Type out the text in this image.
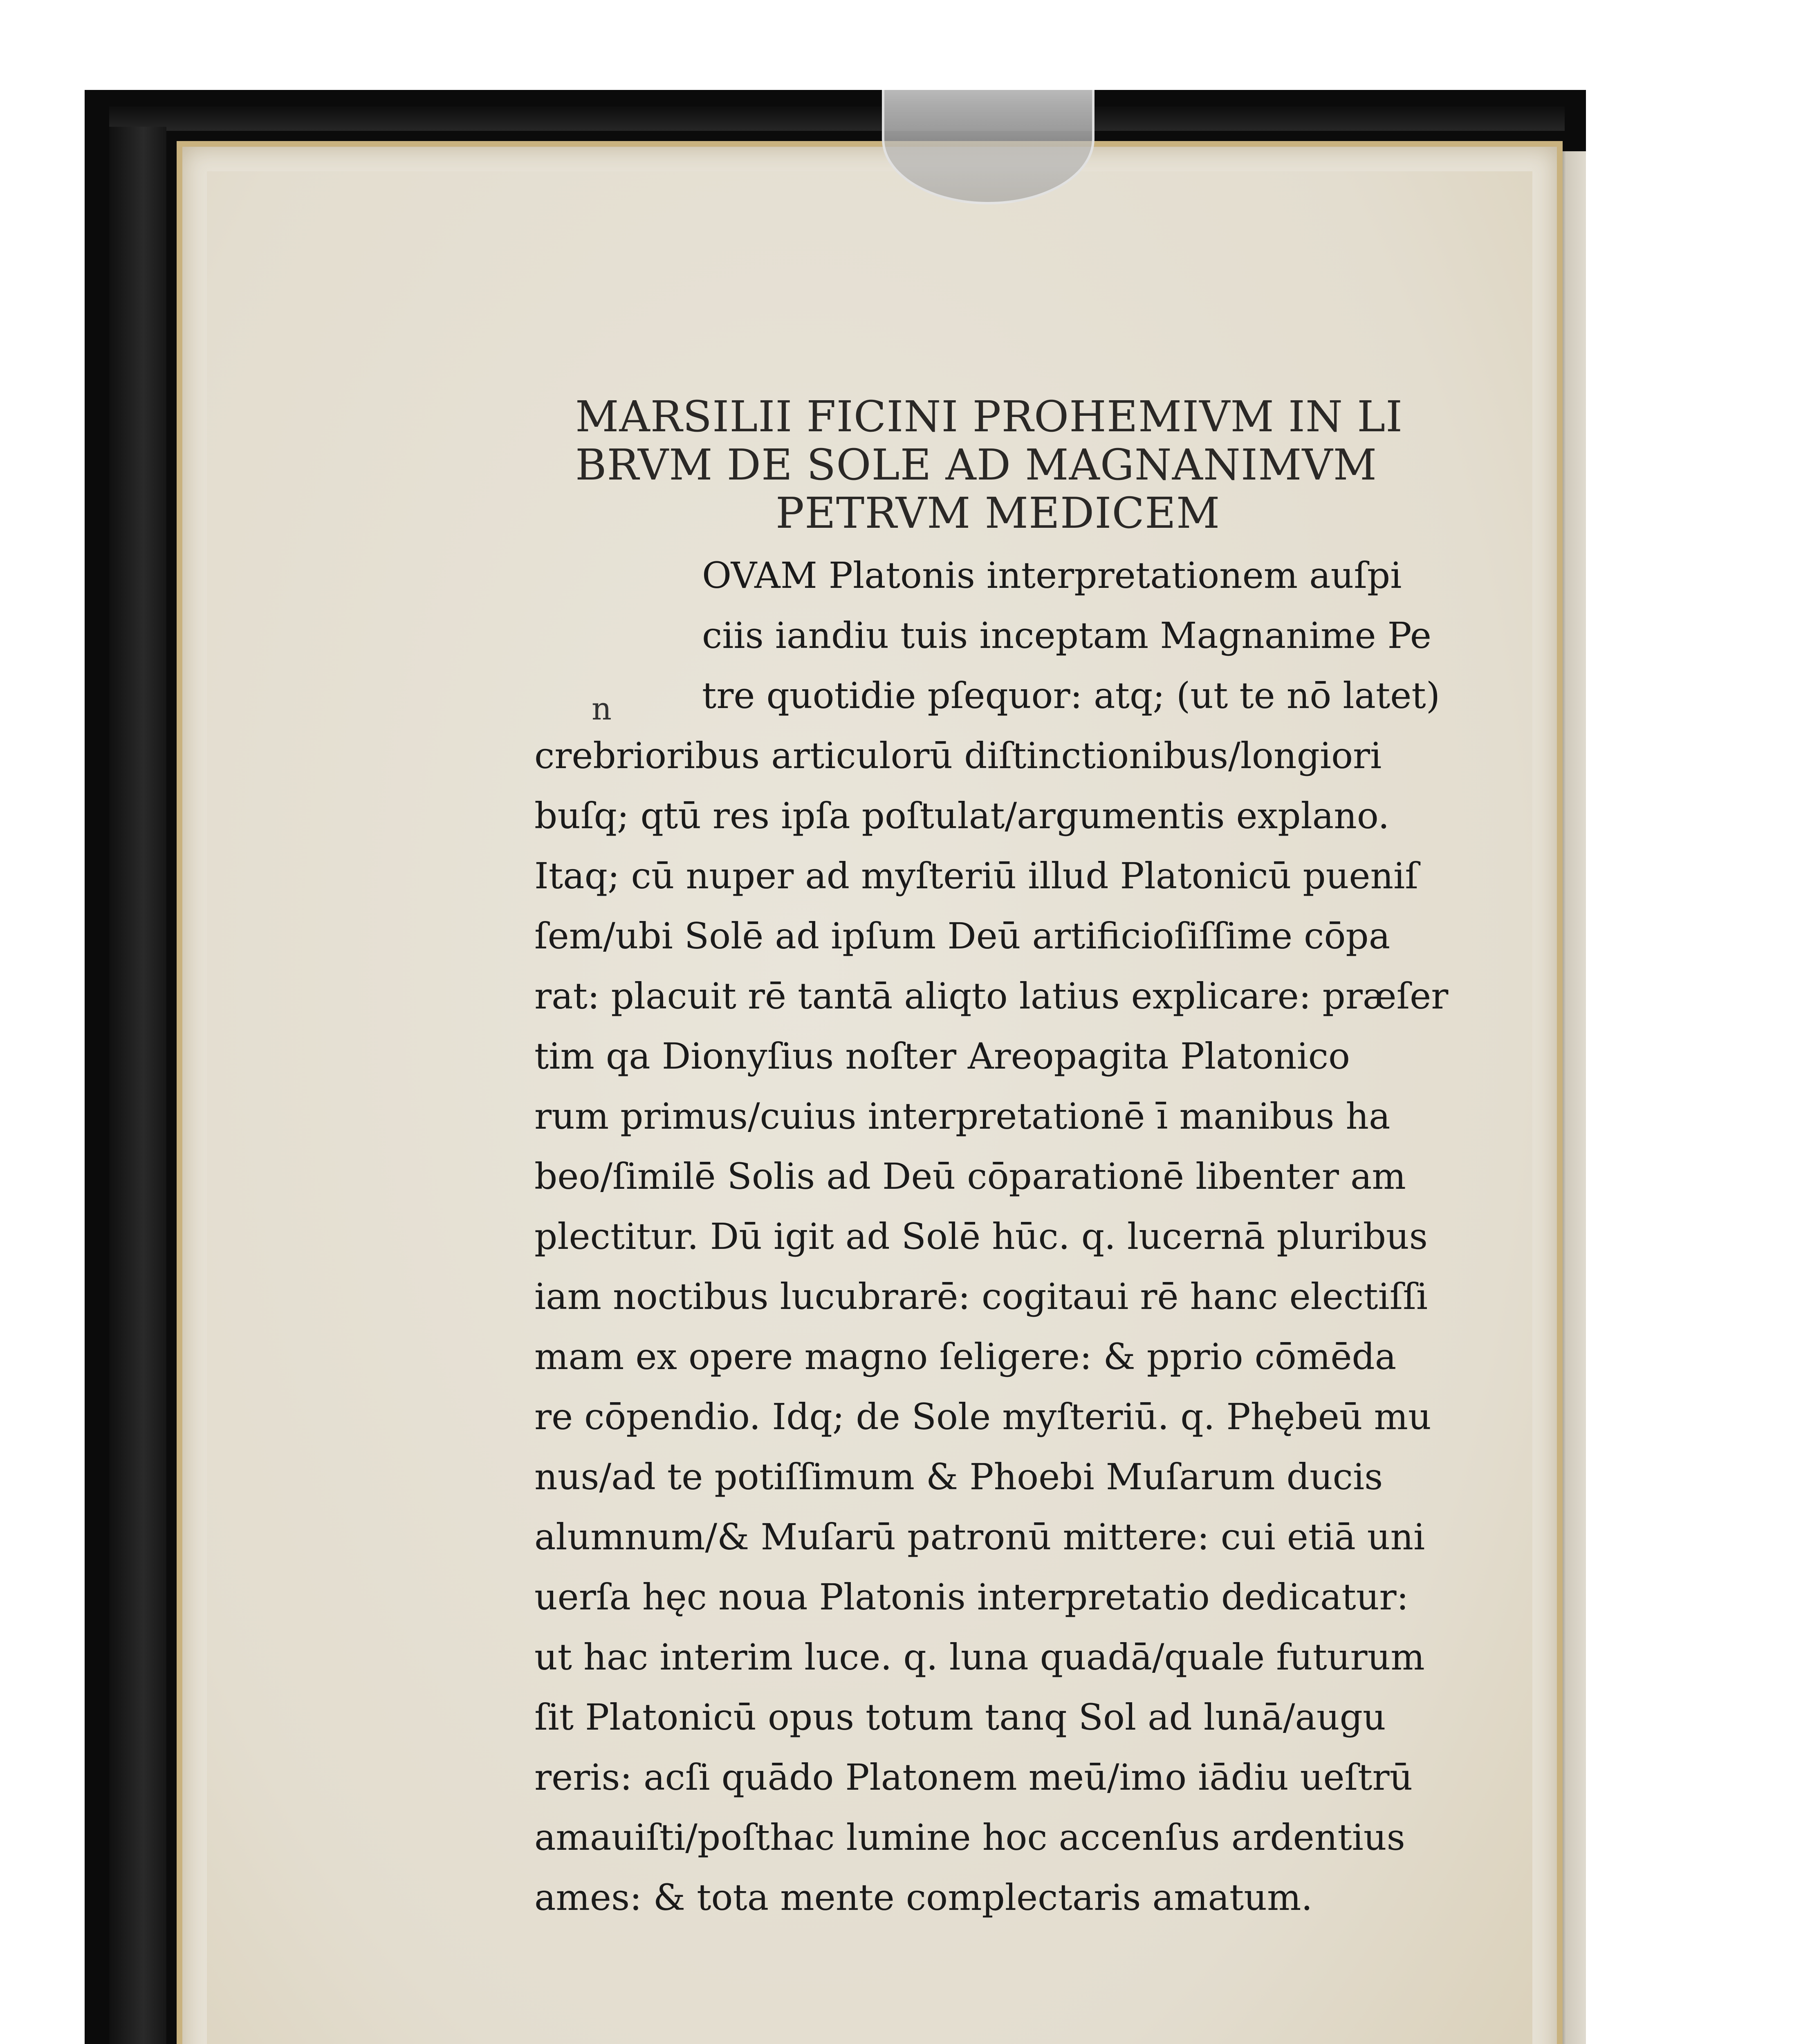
MARSILII FICINI PROHEMIVM IN LI
BRVM DE SOLE AD MAGNANIMVM
PETRVM MEDICEM
n
OVAM Platonis interpretationem auſpi
ciis iandiu tuis inceptam Magnanime Pe
tre quotidie pſequor: atq; (ut te nō latet)
crebrioribus articulorū diſtinctionibus/longiori
buſq; qtū res ipſa poſtulat/argumentis explano.
Itaq; cū nuper ad myſteriū illud Platonicū pueniſ
ſem/ubi Solē ad ipſum Deū artificioſiſſime cōpa
rat: placuit rē tantā aliqto latius explicare: præſer
tim qa Dionyſius noſter Areopagita Platonico
rum primus/cuius interpretationē ī manibus ha
beo/ſimilē Solis ad Deū cōparationē libenter am
plectitur. Dū igit ad Solē hūc. q. lucernā pluribus
iam noctibus lucubrarē: cogitaui rē hanc electiſſi
mam ex opere magno ſeligere: & pprio cōmēda
re cōpendio. Idq; de Sole myſteriū. q. Phębeū mu
nus/ad te potiſſimum & Phoebi Muſarum ducis
alumnum/& Muſarū patronū mittere: cui etiā uni
uerſa hęc noua Platonis interpretatio dedicatur:
ut hac interim luce. q. luna quadā/quale futurum
ſit Platonicū opus totum tanq Sol ad lunā/augu
reris: acſi quādo Platonem meū/imo iādiu ueſtrū
amauiſti/poſthac lumine hoc accenſus ardentius
ames: & tota mente complectaris amatum.
